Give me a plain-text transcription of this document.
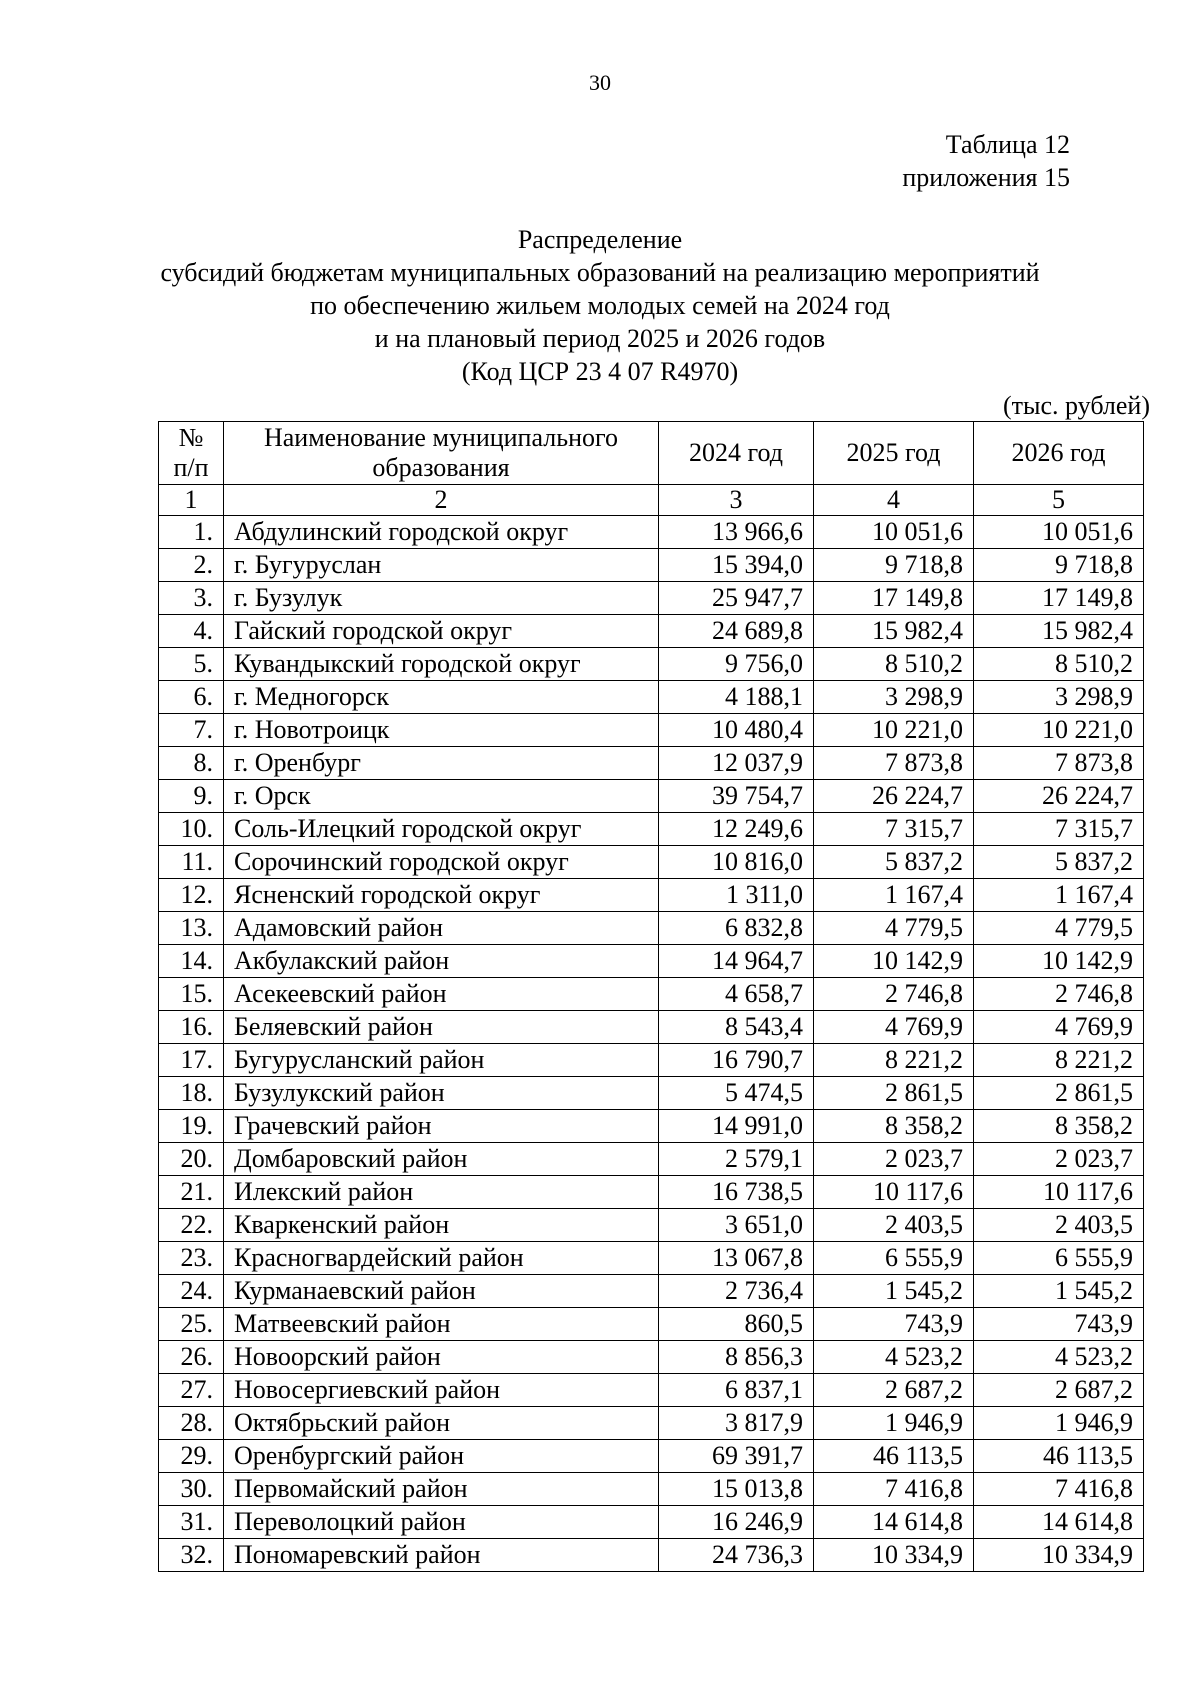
30
Таблица 12
приложения 15
Распределение
субсидий бюджетам муниципальных образований на реализацию мероприятий
по обеспечению жильем молодых семей на 2024 год
и на плановый период 2025 и 2026 годов
(Код ЦСР 23 4 07 R4970)
(тыс. рублей)
№ п/п	Наименование муниципального образования	2024 год	2025 год	2026 год
1	2	3	4	5
1.	Абдулинский городской округ	13 966,6	10 051,6	10 051,6
2.	г. Бугуруслан	15 394,0	9 718,8	9 718,8
3.	г. Бузулук	25 947,7	17 149,8	17 149,8
4.	Гайский городской округ	24 689,8	15 982,4	15 982,4
5.	Кувандыкский городской округ	9 756,0	8 510,2	8 510,2
6.	г. Медногорск	4 188,1	3 298,9	3 298,9
7.	г. Новотроицк	10 480,4	10 221,0	10 221,0
8.	г. Оренбург	12 037,9	7 873,8	7 873,8
9.	г. Орск	39 754,7	26 224,7	26 224,7
10.	Соль-Илецкий городской округ	12 249,6	7 315,7	7 315,7
11.	Сорочинский городской округ	10 816,0	5 837,2	5 837,2
12.	Ясненский городской округ	1 311,0	1 167,4	1 167,4
13.	Адамовский район	6 832,8	4 779,5	4 779,5
14.	Акбулакский район	14 964,7	10 142,9	10 142,9
15.	Асекеевский район	4 658,7	2 746,8	2 746,8
16.	Беляевский район	8 543,4	4 769,9	4 769,9
17.	Бугурусланский район	16 790,7	8 221,2	8 221,2
18.	Бузулукский район	5 474,5	2 861,5	2 861,5
19.	Грачевский район	14 991,0	8 358,2	8 358,2
20.	Домбаровский район	2 579,1	2 023,7	2 023,7
21.	Илекский район	16 738,5	10 117,6	10 117,6
22.	Кваркенский район	3 651,0	2 403,5	2 403,5
23.	Красногвардейский район	13 067,8	6 555,9	6 555,9
24.	Курманаевский район	2 736,4	1 545,2	1 545,2
25.	Матвеевский район	860,5	743,9	743,9
26.	Новоорский район	8 856,3	4 523,2	4 523,2
27.	Новосергиевский район	6 837,1	2 687,2	2 687,2
28.	Октябрьский район	3 817,9	1 946,9	1 946,9
29.	Оренбургский район	69 391,7	46 113,5	46 113,5
30.	Первомайский район	15 013,8	7 416,8	7 416,8
31.	Переволоцкий район	16 246,9	14 614,8	14 614,8
32.	Пономаревский район	24 736,3	10 334,9	10 334,9
